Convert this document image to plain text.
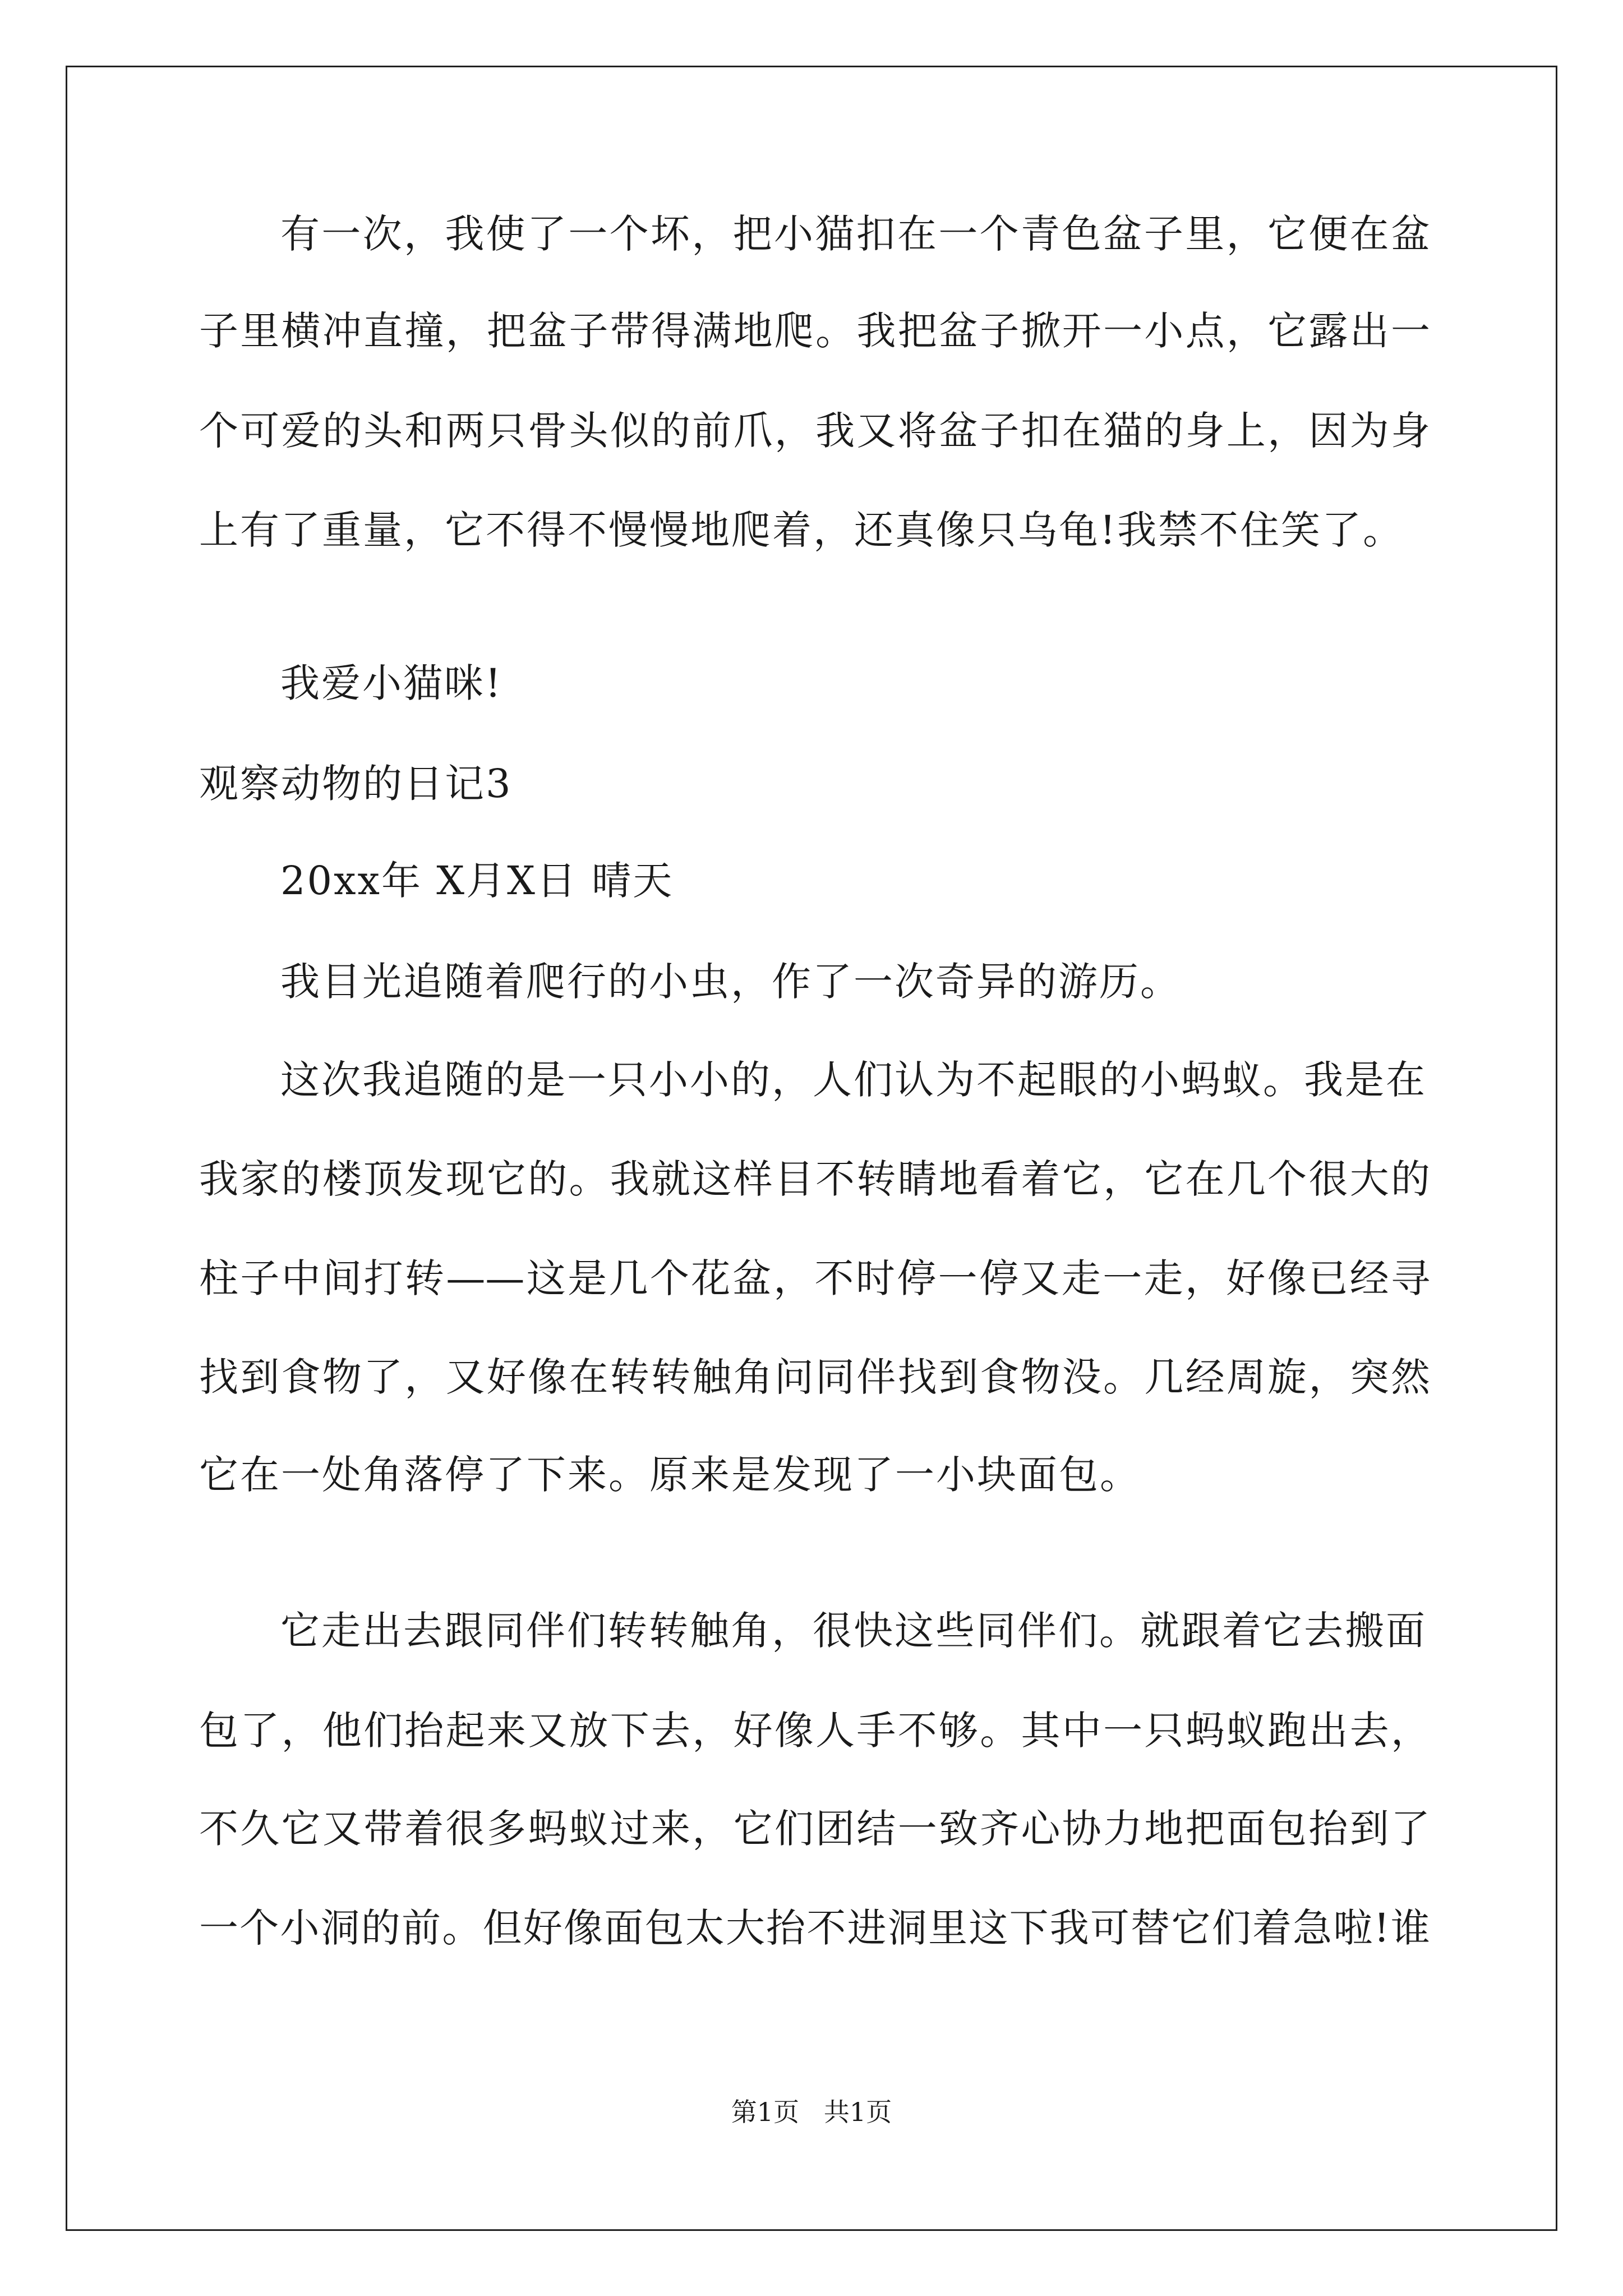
有一次，我使了一个坏，把小猫扣在一个青色盆子里，它便在盆
子里横冲直撞，把盆子带得满地爬。我把盆子掀开一小点，它露出一
个可爱的头和两只骨头似的前爪，我又将盆子扣在猫的身上，因为身
上有了重量，它不得不慢慢地爬着，还真像只乌龟!我禁不住笑了。
我爱小猫咪!
观察动物的日记3
20xx年 X月X日 晴天
我目光追随着爬行的小虫，作了一次奇异的游历。
这次我追随的是一只小小的，人们认为不起眼的小蚂蚁。我是在
我家的楼顶发现它的。我就这样目不转睛地看着它，它在几个很大的
柱子中间打转——这是几个花盆，不时停一停又走一走，好像已经寻
找到食物了，又好像在转转触角问同伴找到食物没。几经周旋，突然
它在一处角落停了下来。原来是发现了一小块面包。
它走出去跟同伴们转转触角，很快这些同伴们。就跟着它去搬面
包了，他们抬起来又放下去，好像人手不够。其中一只蚂蚁跑出去，
不久它又带着很多蚂蚁过来，它们团结一致齐心协力地把面包抬到了
一个小洞的前。但好像面包太大抬不进洞里这下我可替它们着急啦!谁
第1页   共1页
